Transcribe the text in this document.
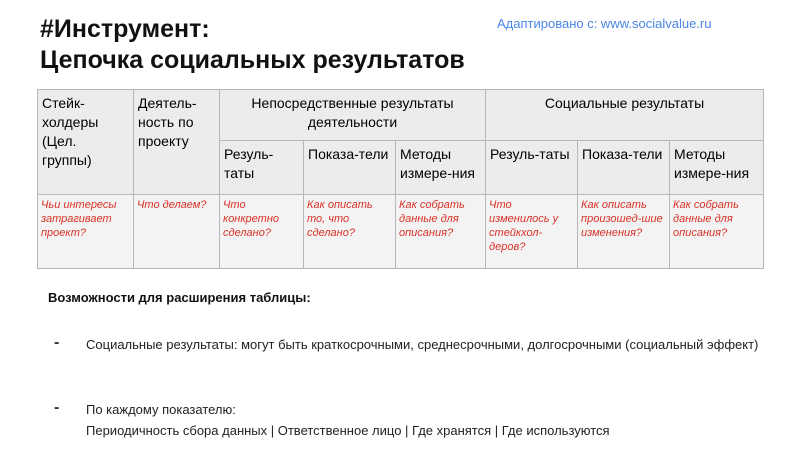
#Инструмент:
Цепочка социальных результатов
Адаптировано с: www.socialvalue.ru
Стейк-холдеры (Цел. группы)	Деятель-ность по проекту	Непосредственные результаты деятельности			Социальные результаты		
		Резуль-таты	Показа-тели	Методы измере-ния	Резуль-таты	Показа-тели	Методы измере-ния
Чьи интересы затрагивает проект?	Что делаем?	Что конкретно сделано?	Как описать то, что сделано?	Как собрать данные для описания?	Что изменилось у стейкхол-деров?	Как описать произошед-шие изменения?	Как собрать данные для описания?
Возможности для расширения таблицы:
- Социальные результаты: могут быть краткосрочными, среднесрочными, долгосрочными (социальный эффект)
- По каждому показателю:
Периодичность сбора данных | Ответственное лицо | Где хранятся | Где используются
